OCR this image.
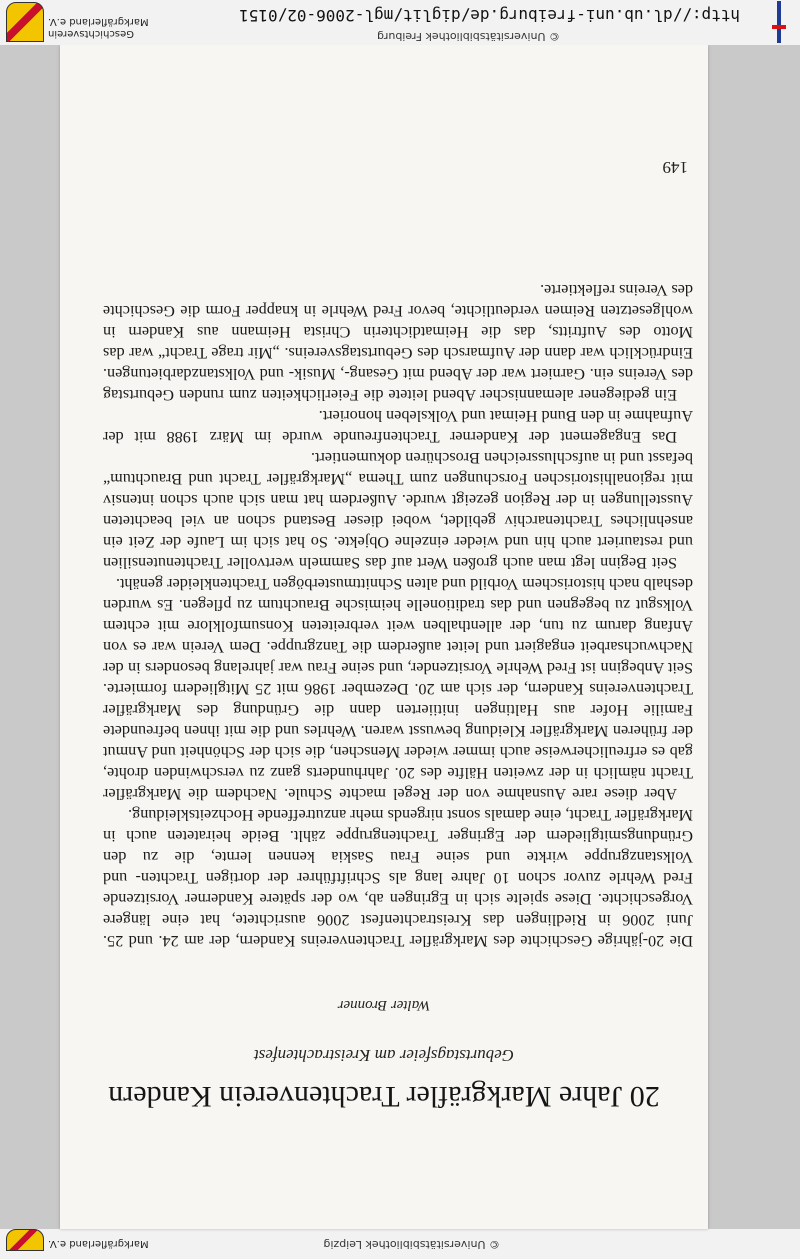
© Universitätsbibliothek Leipzig
Markgräflerland e.V.
20 Jahre Markgräfler Trachtenverein Kandern
Geburtstagsfeier am Kreistrachtenfest
Walter Bronner

Die 20-jährige Geschichte des Markgräfler Trachtenvereins Kandern, der am 24. und 25. Juni 2006 in Riedlingen das Kreistrachtenfest 2006 ausrichtete, hat eine längere Vorgeschichte. Diese spielte sich in Egringen ab, wo der spätere Kanderner Vorsitzende Fred Wehrle zuvor schon 10 Jahre lang als Schriftführer der dortigen Trachten- und Volkstanzgruppe wirkte und seine Frau Saskia kennen lernte, die zu den Gründungsmitgliedern der Egringer Trachtengruppe zählt. Beide heirateten auch in Markgräfler Tracht, eine damals sonst nirgends mehr anzutreffende Hochzeitskleidung.

Aber diese rare Ausnahme von der Regel machte Schule. Nachdem die Markgräfler Tracht nämlich in der zweiten Hälfte des 20. Jahrhunderts ganz zu verschwinden drohte, gab es erfreulicherweise auch immer wieder Menschen, die sich der Schönheit und Anmut der früheren Markgräfler Kleidung bewusst waren. Wehrles und die mit ihnen befreundete Familie Hofer aus Haltingen initiierten dann die Gründung des Markgräfler Trachtenvereins Kandern, der sich am 20. Dezember 1986 mit 25 Mitgliedern formierte. Seit Anbeginn ist Fred Wehrle Vorsitzender, und seine Frau war jahrelang besonders in der Nachwuchsarbeit engagiert und leitet außerdem die Tanzgruppe. Dem Verein war es von Anfang darum zu tun, der allenthalben weit verbreiteten Konsumfolklore mit echtem Volksgut zu begegnen und das traditionelle heimische Brauchtum zu pflegen. Es wurden deshalb nach historischem Vorbild und alten Schnittmusterbögen Trachtenkleider genäht.

Seit Beginn legt man auch großen Wert auf das Sammeln wertvoller Trachtenutensilien und restauriert auch hin und wieder einzelne Objekte. So hat sich im Laufe der Zeit ein ansehnliches Trachtenarchiv gebildet, wobei dieser Bestand schon an viel beachteten Ausstellungen in der Region gezeigt wurde. Außerdem hat man sich auch schon intensiv mit regionalhistorischen Forschungen zum Thema „Markgräfler Tracht und Brauchtum“ befasst und in aufschlussreichen Broschüren dokumentiert.

Das Engagement der Kanderner Trachtenfreunde wurde im März 1988 mit der Aufnahme in den Bund Heimat und Volksleben honoriert.

Ein gediegener alemannischer Abend leitete die Feierlichkeiten zum runden Geburtstag des Vereins ein. Garniert war der Abend mit Gesang-, Musik- und Volkstanzdarbietungen. Eindrücklich war dann der Aufmarsch des Geburtstagsvereins. „Mir trage Tracht“ war das Motto des Auftritts, das die Heimatdichterin Christa Heimann aus Kandern in wohlgesetzten Reimen verdeutlichte, bevor Fred Wehrle in knapper Form die Geschichte des Vereins reflektierte.

149
© Universitätsbibliothek Freiburg
http://dl.ub.uni-freiburg.de/diglit/mgl-2006-02/0151
Geschichtsverein
Markgräflerland e.V.
